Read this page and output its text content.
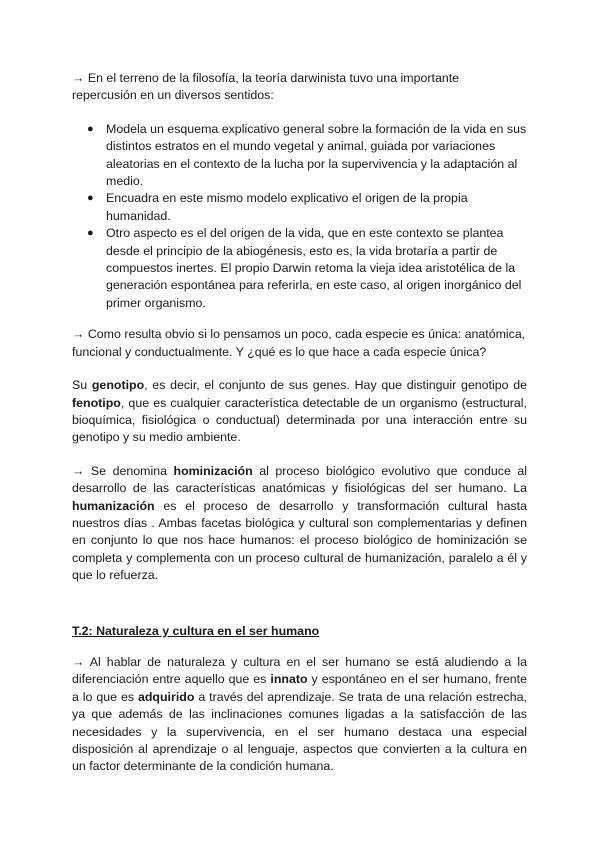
→ En el terreno de la filosofía, la teoría darwinista tuvo una importante repercusión en un diversos sentidos:

● Modela un esquema explicativo general sobre la formación de la vida en sus distintos estratos en el mundo vegetal y animal, guiada por variaciones aleatorias en el contexto de la lucha por la supervivencia y la adaptación al medio.
● Encuadra en este mismo modelo explicativo el origen de la propia humanidad.
● Otro aspecto es el del origen de la vida, que en este contexto se plantea desde el principio de la abiogénesis, esto es, la vida brotaría a partir de compuestos inertes. El propio Darwin retoma la vieja idea aristotélica de la generación espontánea para referirla, en este caso, al origen inorgánico del primer organismo.

→ Como resulta obvio si lo pensamos un poco, cada especie es única: anatómica, funcional y conductualmente. Y ¿qué es lo que hace a cada especie única?

Su genotipo, es decir, el conjunto de sus genes. Hay que distinguir genotipo de fenotipo, que es cualquier característica detectable de un organismo (estructural, bioquímica, fisiológica o conductual) determinada por una interacción entre su genotipo y su medio ambiente.

→ Se denomina hominización al proceso biológico evolutivo que conduce al desarrollo de las características anatómicas y fisiológicas del ser humano. La humanización es el proceso de desarrollo y transformación cultural hasta nuestros días . Ambas facetas biológica y cultural son complementarias y definen en conjunto lo que nos hace humanos: el proceso biológico de hominización se completa y complementa con un proceso cultural de humanización, paralelo a él y que lo refuerza.

T.2: Naturaleza y cultura en el ser humano

→ Al hablar de naturaleza y cultura en el ser humano se está aludiendo a la diferenciación entre aquello que es innato y espontáneo en el ser humano, frente a lo que es adquirido a través del aprendizaje. Se trata de una relación estrecha, ya que además de las inclinaciones comunes ligadas a la satisfacción de las necesidades y la supervivencia, en el ser humano destaca una especial disposición al aprendizaje o al lenguaje, aspectos que convierten a la cultura en un factor determinante de la condición humana.
